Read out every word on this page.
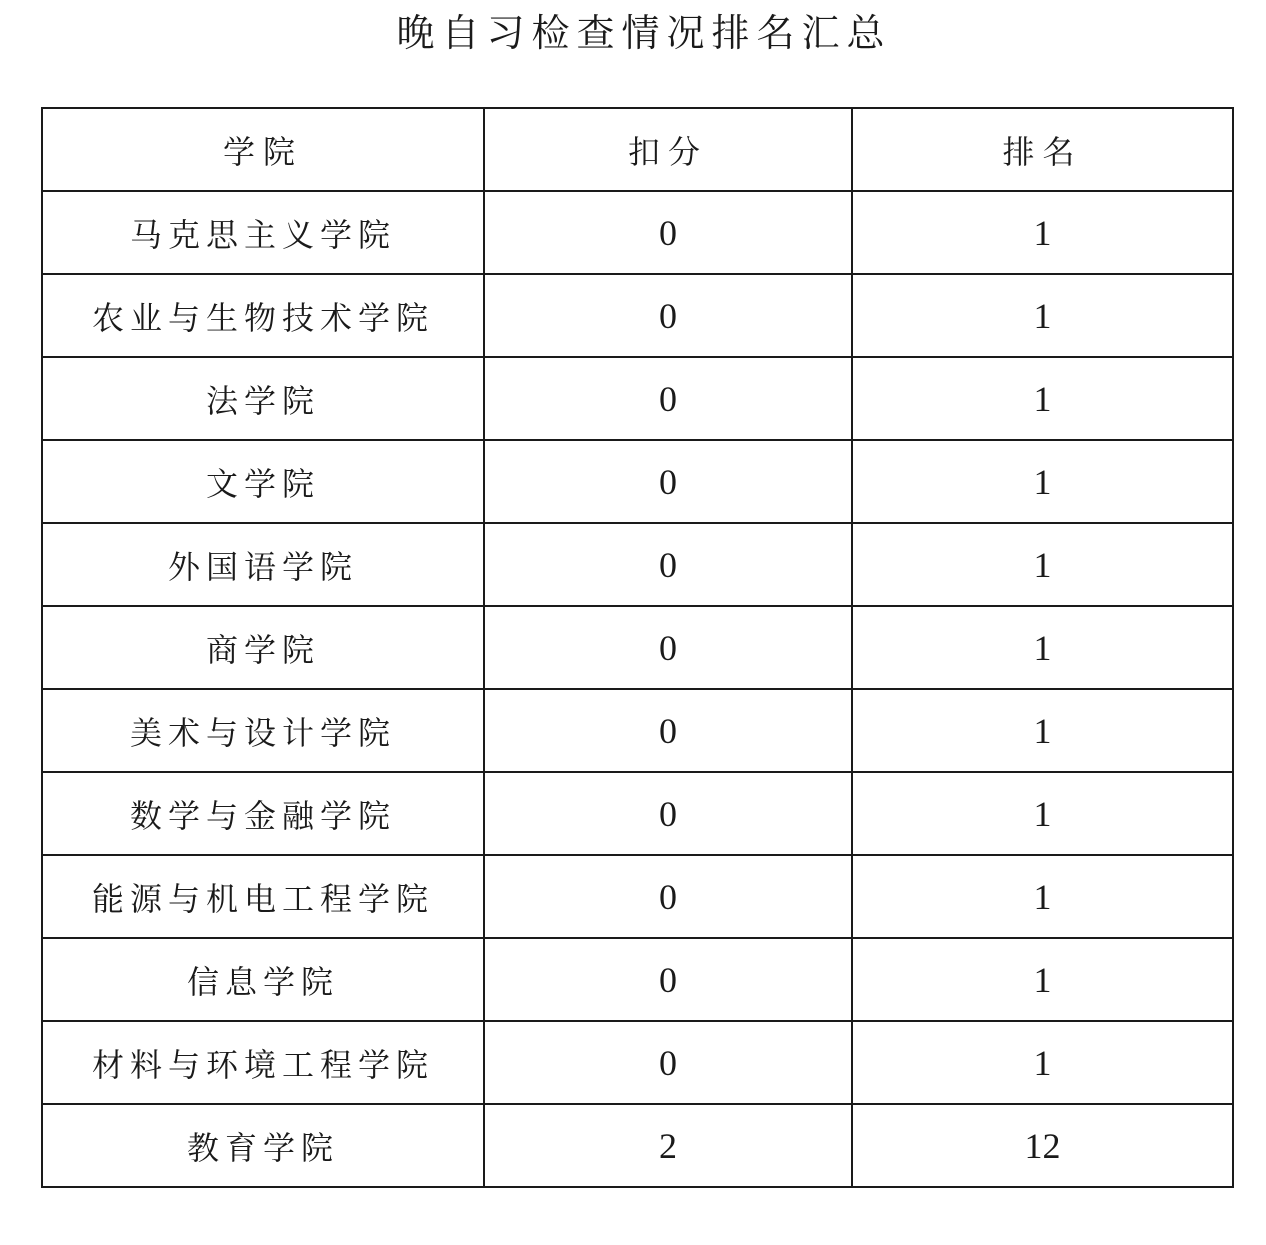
晚自习检查情况排名汇总
学院	扣分	排名
马克思主义学院	0	1
农业与生物技术学院	0	1
法学院	0	1
文学院	0	1
外国语学院	0	1
商学院	0	1
美术与设计学院	0	1
数学与金融学院	0	1
能源与机电工程学院	0	1
信息学院	0	1
材料与环境工程学院	0	1
教育学院	2	12
